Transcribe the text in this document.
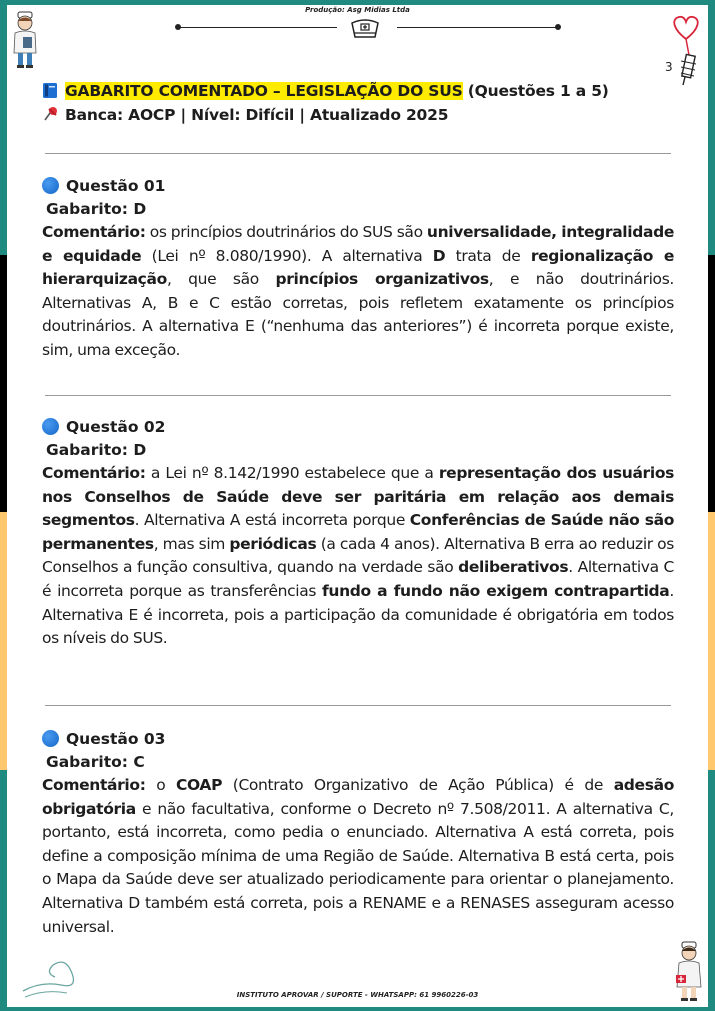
Produção: Asg Midias Ltda
3
GABARITO COMENTADO – LEGISLAÇÃO DO SUS (Questões 1 a 5)
Banca: AOCP | Nível: Difícil | Atualizado 2025
Questão 01
Gabarito: D
Comentário: os princípios doutrinários do SUS são universalidade, integralidade e equidade (Lei nº 8.080/1990). A alternativa D trata de regionalização e hierarquização, que são princípios organizativos, e não doutrinários. Alternativas A, B e C estão corretas, pois refletem exatamente os princípios doutrinários. A alternativa E (“nenhuma das anteriores”) é incorreta porque existe, sim, uma exceção.
Questão 02
Gabarito: D
Comentário: a Lei nº 8.142/1990 estabelece que a representação dos usuários nos Conselhos de Saúde deve ser paritária em relação aos demais segmentos. Alternativa A está incorreta porque Conferências de Saúde não são permanentes, mas sim periódicas (a cada 4 anos). Alternativa B erra ao reduzir os Conselhos a função consultiva, quando na verdade são deliberativos. Alternativa C é incorreta porque as transferências fundo a fundo não exigem contrapartida. Alternativa E é incorreta, pois a participação da comunidade é obrigatória em todos os níveis do SUS.
Questão 03
Gabarito: C
Comentário: o COAP (Contrato Organizativo de Ação Pública) é de adesão obrigatória e não facultativa, conforme o Decreto nº 7.508/2011. A alternativa C, portanto, está incorreta, como pedia o enunciado. Alternativa A está correta, pois define a composição mínima de uma Região de Saúde. Alternativa B está certa, pois o Mapa da Saúde deve ser atualizado periodicamente para orientar o planejamento. Alternativa D também está correta, pois a RENAME e a RENASES asseguram acesso universal.
INSTITUTO APROVAR / SUPORTE - WHATSAPP: 61 9960226-03
